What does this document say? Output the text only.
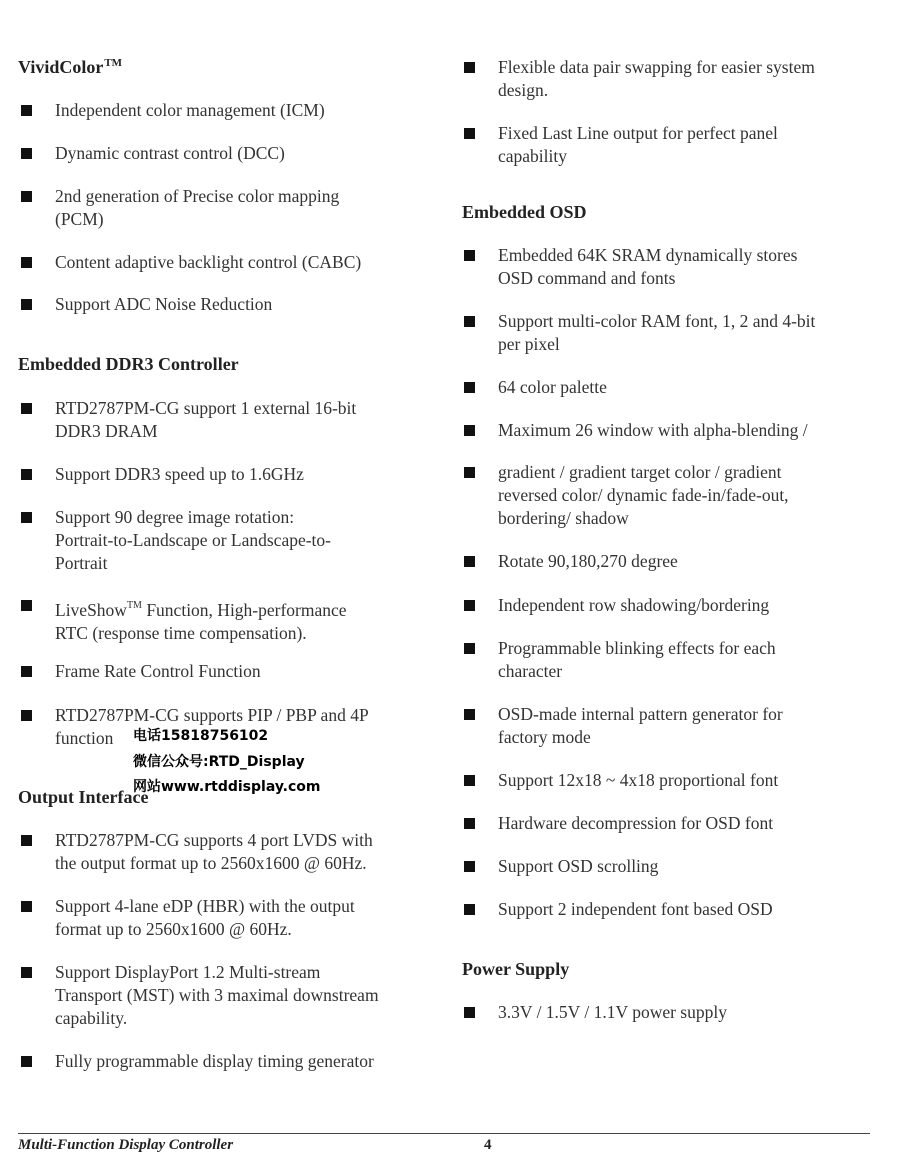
VividColor™
Independent color management (ICM)
Dynamic contrast control (DCC)
2nd generation of Precise color mapping
(PCM)
Content adaptive backlight control (CABC)
Support ADC Noise Reduction
Embedded DDR3 Controller
RTD2787PM-CG support 1 external 16-bit
DDR3 DRAM
Support DDR3 speed up to 1.6GHz
Support 90 degree image rotation:
Portrait-to-Landscape or Landscape-to-
Portrait
LiveShow™ Function, High-performance
RTC (response time compensation).
Frame Rate Control Function
RTD2787PM-CG supports PIP / PBP and 4P
function
Output Interface
RTD2787PM-CG supports 4 port LVDS with
the output format up to 2560x1600 @ 60Hz.
Support 4-lane eDP (HBR) with the output
format up to 2560x1600 @ 60Hz.
Support DisplayPort 1.2 Multi-stream
Transport (MST) with 3 maximal downstream
capability.
Fully programmable display timing generator
电话15818756102
微信公众号:RTD_Display
网站www.rtddisplay.com
Flexible data pair swapping for easier system
design.
Fixed Last Line output for perfect panel
capability
Embedded OSD
Embedded 64K SRAM dynamically stores
OSD command and fonts
Support multi-color RAM font, 1, 2 and 4-bit
per pixel
64 color palette
Maximum 26 window with alpha-blending /
gradient / gradient target color / gradient
reversed color/ dynamic fade-in/fade-out,
bordering/ shadow
Rotate 90,180,270 degree
Independent row shadowing/bordering
Programmable blinking effects for each
character
OSD-made internal pattern generator for
factory mode
Support 12x18 ~ 4x18 proportional font
Hardware decompression for OSD font
Support OSD scrolling
Support 2 independent font based OSD
Power Supply
3.3V / 1.5V / 1.1V power supply
Multi-Function Display Controller	4
